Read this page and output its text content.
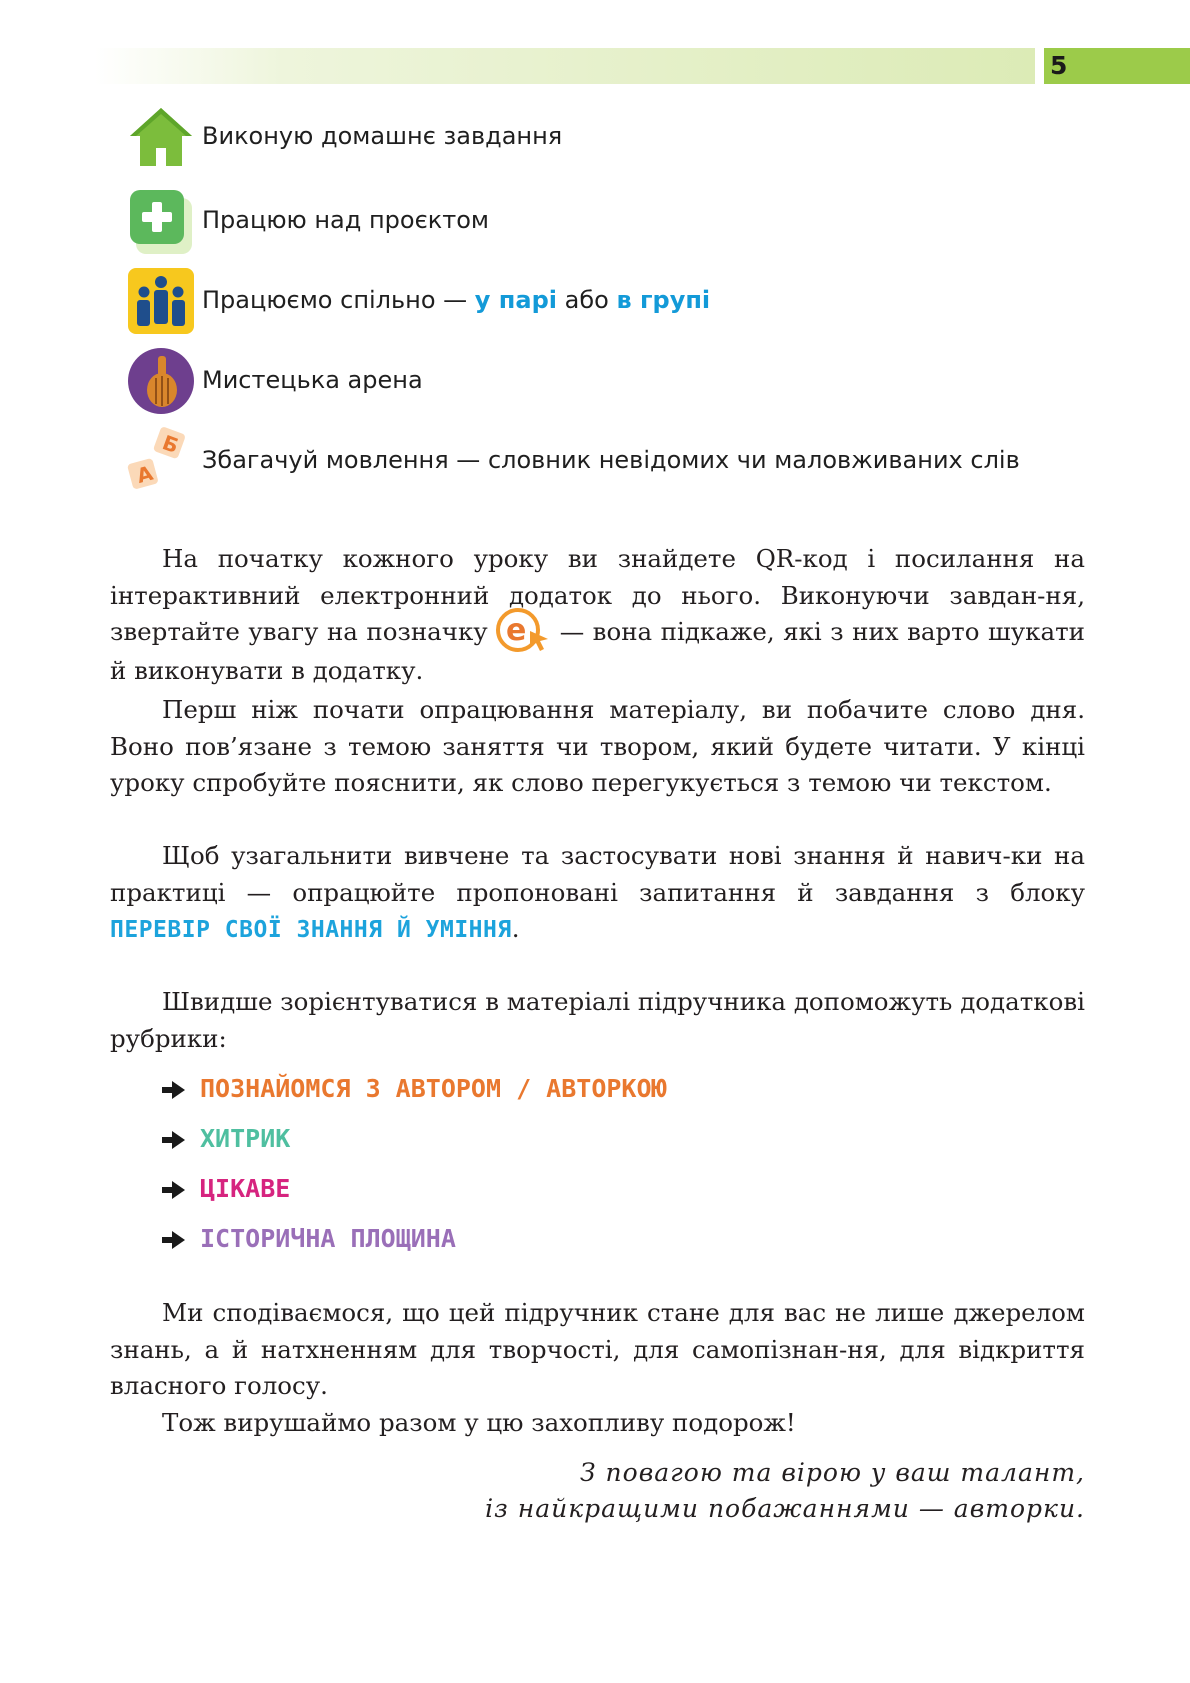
5
Виконую домашнє завдання
Працюю над проєктом
Працюємо спільно — у парі або в групі
Мистецька арена
А
Б
Збагачуй мовлення — словник невідомих чи маловживаних слів
На початку кожного уроку ви знайдете QR-код і посилання на інтерактивний електронний додаток до нього. Виконуючи завдан-ня, звертайте увагу на позначку e — вона підкаже, які з них варто шукати й виконувати в додатку.
Перш ніж почати опрацювання матеріалу, ви побачите слово дня. Воно пов’язане з темою заняття чи твором, який будете читати. У кінці уроку спробуйте пояснити, як слово перегукується з темою чи текстом.
Щоб узагальнити вивчене та застосувати нові знання й навич-ки на практиці — опрацюйте пропоновані запитання й завдання з блоку ПЕРЕВІР СВОЇ ЗНАННЯ Й УМІННЯ.
Швидше зорієнтуватися в матеріалі підручника допоможуть додаткові рубрики:
ПОЗНАЙОМСЯ З АВТОРОМ / АВТОРКОЮ
ХИТРИК
ЦІКАВЕ
ІСТОРИЧНА ПЛОЩИНА
Ми сподіваємося, що цей підручник стане для вас не лише джерелом знань, а й натхненням для творчості, для самопізнан-ня, для відкриття власного голосу.
Тож вирушаймо разом у цю захопливу подорож!
З повагою та вірою у ваш талант,
із найкращими побажаннями — авторки.
